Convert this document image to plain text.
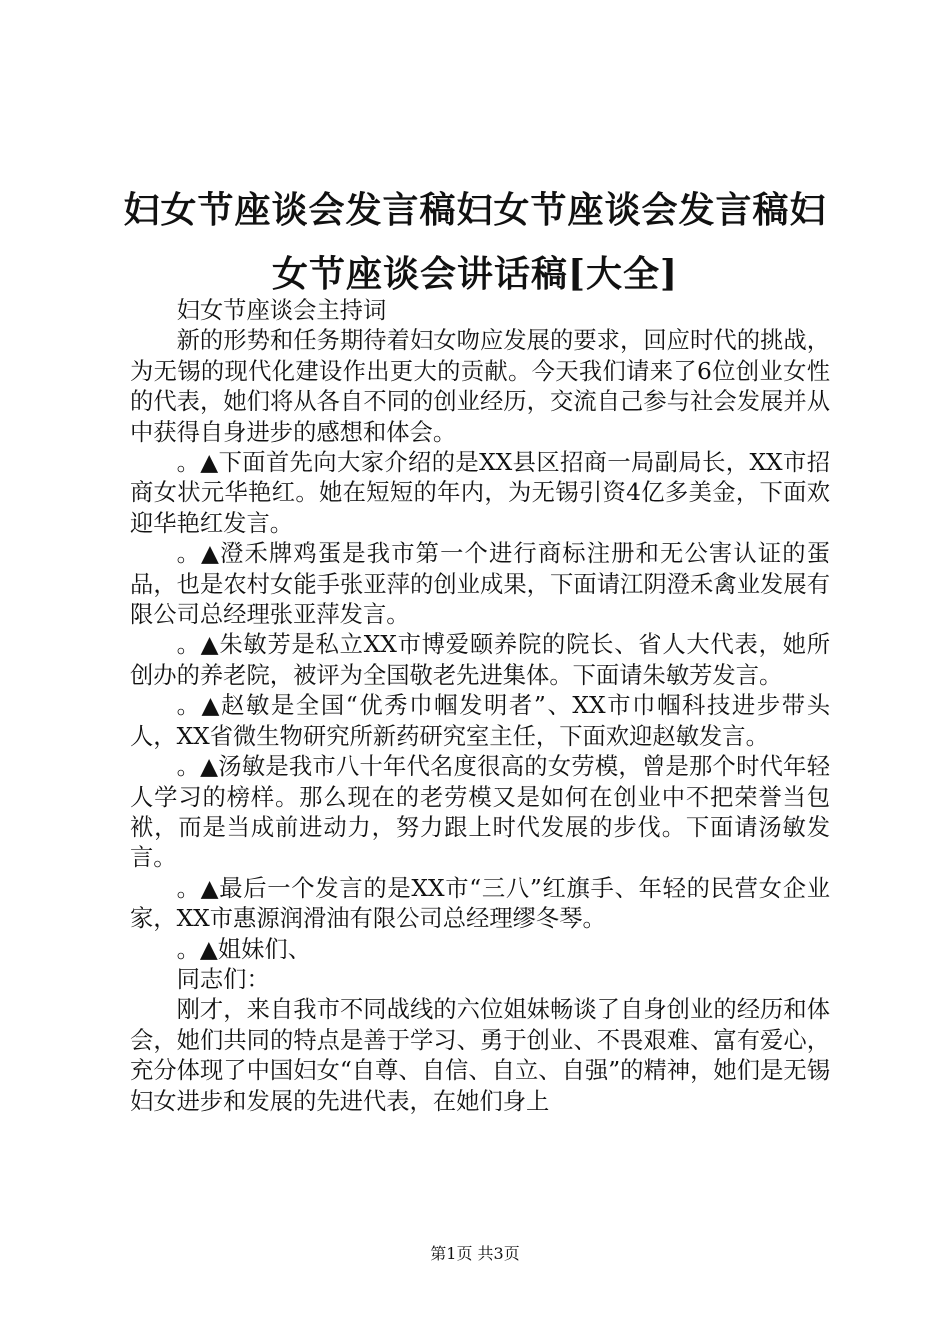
妇女节座谈会发言稿妇女节座谈会发言稿妇女节座谈会讲话稿[大全]

妇女节座谈会主持词

新的形势和任务期待着妇女吻应发展的要求，回应时代的挑战，为无锡的现代化建设作出更大的贡献。今天我们请来了6位创业女性的代表，她们将从各自不同的创业经历，交流自己参与社会发展并从中获得自身进步的感想和体会。

。▲下面首先向大家介绍的是XX县区招商一局副局长，XX市招商女状元华艳红。她在短短的年内，为无锡引资4亿多美金，下面欢迎华艳红发言。

。▲澄禾牌鸡蛋是我市第一个进行商标注册和无公害认证的蛋品，也是农村女能手张亚萍的创业成果，下面请江阴澄禾禽业发展有限公司总经理张亚萍发言。

。▲朱敏芳是私立XX市博爱颐养院的院长、省人大代表，她所创办的养老院，被评为全国敬老先进集体。下面请朱敏芳发言。

。▲赵敏是全国“优秀巾帼发明者”、XX市巾帼科技进步带头人，XX省微生物研究所新药研究室主任，下面欢迎赵敏发言。

。▲汤敏是我市八十年代名度很高的女劳模，曾是那个时代年轻人学习的榜样。那么现在的老劳模又是如何在创业中不把荣誉当包袱，而是当成前进动力，努力跟上时代发展的步伐。下面请汤敏发言。

。▲最后一个发言的是XX市“三八”红旗手、年轻的民营女企业家，XX市惠源润滑油有限公司总经理缪冬琴。

。▲姐妹们、

同志们：

刚才，来自我市不同战线的六位姐妹畅谈了自身创业的经历和体会，她们共同的特点是善于学习、勇于创业、不畏艰难、富有爱心，充分体现了中国妇女“自尊、自信、自立、自强”的精神，她们是无锡妇女进步和发展的先进代表，在她们身上

第1页 共3页
